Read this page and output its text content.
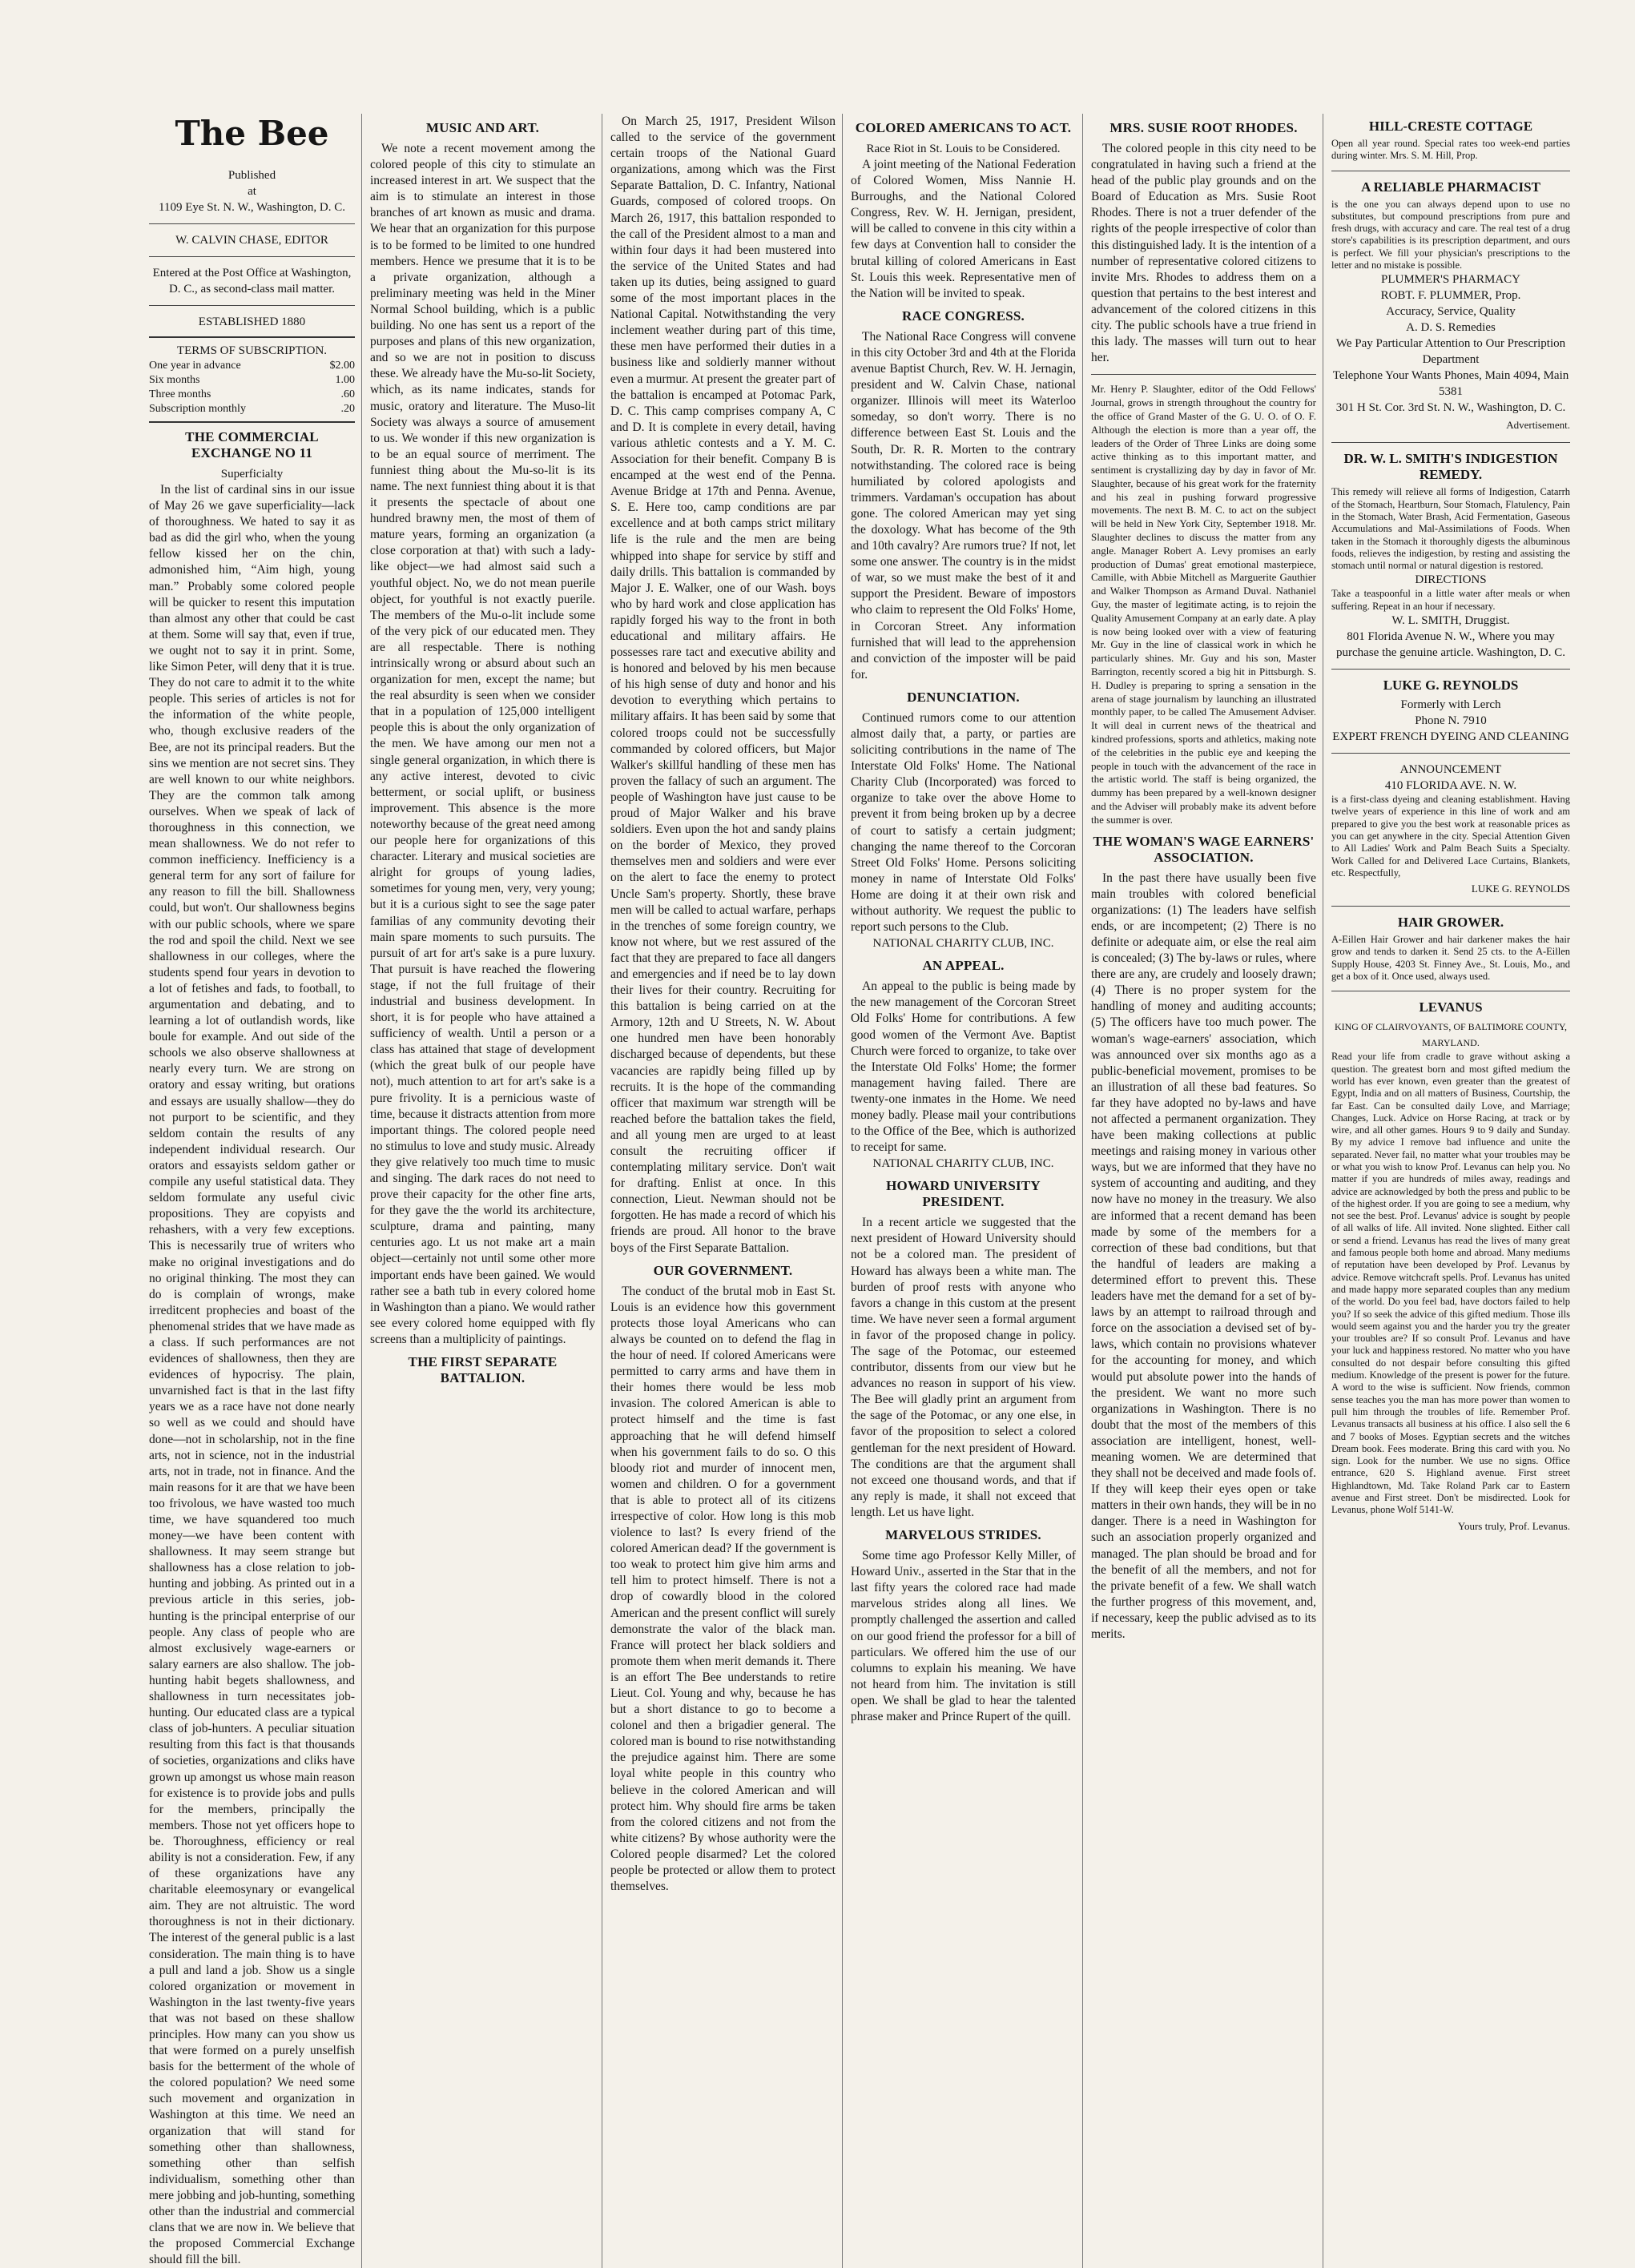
The Bee

Published

at

1109 Eye St. N. W., Washington, D. C.

W. CALVIN CHASE, EDITOR

Entered at the Post Office at Washington, D. C., as second-class mail matter.

ESTABLISHED 1880

TERMS OF SUBSCRIPTION.

One year in advance	$2.00
Six months	1.00
Three months	.60
Subscription monthly	.20
THE COMMERCIAL EXCHANGE NO 11

Superficialty

In the list of cardinal sins in our issue of May 26 we gave superficiality—lack of thoroughness. We hated to say it as bad as did the girl who, when the young fellow kissed her on the chin, admonished him, “Aim high, young man.” Probably some colored people will be quicker to resent this imputation than almost any other that could be cast at them. Some will say that, even if true, we ought not to say it in print. Some, like Simon Peter, will deny that it is true. They do not care to admit it to the white people. This series of articles is not for the information of the white people, who, though exclusive readers of the Bee, are not its principal readers. But the sins we mention are not secret sins. They are well known to our white neighbors. They are the common talk among ourselves. When we speak of lack of thoroughness in this connection, we mean shallowness. We do not refer to common inefficiency. Inefficiency is a general term for any sort of failure for any reason to fill the bill. Shallowness could, but won't. Our shallowness begins with our public schools, where we spare the rod and spoil the child. Next we see shallowness in our colleges, where the students spend four years in devotion to a lot of fetishes and fads, to football, to argumentation and debating, and to learning a lot of outlandish words, like boule for example. And out side of the schools we also observe shallowness at nearly every turn. We are strong on oratory and essay writing, but orations and essays are usually shallow—they do not purport to be scientific, and they seldom contain the results of any independent individual research. Our orators and essayists seldom gather or compile any useful statistical data. They seldom formulate any useful civic propositions. They are copyists and rehashers, with a very few exceptions. This is necessarily true of writers who make no original investigations and do no original thinking. The most they can do is complain of wrongs, make irreditcent prophecies and boast of the phenomenal strides that we have made as a class. If such performances are not evidences of shallowness, then they are evidences of hypocrisy. The plain, unvarnished fact is that in the last fifty years we as a race have not done nearly so well as we could and should have done—not in scholarship, not in the fine arts, not in science, not in the industrial arts, not in trade, not in finance. And the main reasons for it are that we have been too frivolous, we have wasted too much time, we have squandered too much money—we have been content with shallowness. It may seem strange but shallowness has a close relation to job-hunting and jobbing. As printed out in a previous article in this series, job-hunting is the principal enterprise of our people. Any class of people who are almost exclusively wage-earners or salary earners are also shallow. The job-hunting habit begets shallowness, and shallowness in turn necessitates job-hunting. Our educated class are a typical class of job-hunters. A peculiar situation resulting from this fact is that thousands of societies, organizations and cliks have grown up amongst us whose main reason for existence is to provide jobs and pulls for the members, principally the members. Those not yet officers hope to be. Thoroughness, efficiency or real ability is not a consideration. Few, if any of these organizations have any charitable eleemosynary or evangelical aim. They are not altruistic. The word thoroughness is not in their dictionary. The interest of the general public is a last consideration. The main thing is to have a pull and land a job. Show us a single colored organization or movement in Washington in the last twenty-five years that was not based on these shallow principles. How many can you show us that were formed on a purely unselfish basis for the betterment of the whole of the colored population? We need some such movement and organization in Washington at this time. We need an organization that will stand for something other than shallowness, something other than selfish individualism, something other than mere jobbing and job-hunting, something other than the industrial and commercial clans that we are now in. We believe that the proposed Commercial Exchange should fill the bill.

MUSIC AND ART.

We note a recent movement among the colored people of this city to stimulate an increased interest in art. We suspect that the aim is to stimulate an interest in those branches of art known as music and drama. We hear that an organization for this purpose is to be formed to be limited to one hundred members. Hence we presume that it is to be a private organization, although a preliminary meeting was held in the Miner Normal School building, which is a public building. No one has sent us a report of the purposes and plans of this new organization, and so we are not in position to discuss these. We already have the Mu-so-lit Society, which, as its name indicates, stands for music, oratory and literature. The Muso-lit Society was always a source of amusement to us. We wonder if this new organization is to be an equal source of merriment. The funniest thing about the Mu-so-lit is its name. The next funniest thing about it is that it presents the spectacle of about one hundred brawny men, the most of them of mature years, forming an organization (a close corporation at that) with such a lady-like object—we had almost said such a youthful object. No, we do not mean puerile object, for youthful is not exactly puerile. The members of the Mu-o-lit include some of the very pick of our educated men. They are all respectable. There is nothing intrinsically wrong or absurd about such an organization for men, except the name; but the real absurdity is seen when we consider that in a population of 125,000 intelligent people this is about the only organization of the men. We have among our men not a single general organization, in which there is any active interest, devoted to civic betterment, or social uplift, or business improvement. This absence is the more noteworthy because of the great need among our people here for organizations of this character. Literary and musical societies are alright for groups of young ladies, sometimes for young men, very, very young; but it is a curious sight to see the sage pater familias of any community devoting their main spare moments to such pursuits. The pursuit of art for art's sake is a pure luxury. That pursuit is have reached the flowering stage, if not the full fruitage of their industrial and business development. In short, it is for people who have attained a sufficiency of wealth. Until a person or a class has attained that stage of development (which the great bulk of our people have not), much attention to art for art's sake is a pure frivolity. It is a pernicious waste of time, because it distracts attention from more important things. The colored people need no stimulus to love and study music. Already they give relatively too much time to music and singing. The dark races do not need to prove their capacity for the other fine arts, for they gave the the world its architecture, sculpture, drama and painting, many centuries ago. Lt us not make art a main object—certainly not until some other more important ends have been gained. We would rather see a bath tub in every colored home in Washington than a piano. We would rather see every colored home equipped with fly screens than a multiplicity of paintings.

THE FIRST SEPARATE BATTALION.

On March 25, 1917, President Wilson called to the service of the government certain troops of the National Guard organizations, among which was the First Separate Battalion, D. C. Infantry, National Guards, composed of colored troops. On March 26, 1917, this battalion responded to the call of the President almost to a man and within four days it had been mustered into the service of the United States and had taken up its duties, being assigned to guard some of the most important places in the National Capital. Notwithstanding the very inclement weather during part of this time, these men have performed their duties in a business like and soldierly manner without even a murmur. At present the greater part of the battalion is encamped at Potomac Park, D. C. This camp comprises company A, C and D. It is complete in every detail, having various athletic contests and a Y. M. C. Association for their benefit. Company B is encamped at the west end of the Penna. Avenue Bridge at 17th and Penna. Avenue, S. E. Here too, camp conditions are par excellence and at both camps strict military life is the rule and the men are being whipped into shape for service by stiff and daily drills. This battalion is commanded by Major J. E. Walker, one of our Wash. boys who by hard work and close application has rapidly forged his way to the front in both educational and military affairs. He possesses rare tact and executive ability and is honored and beloved by his men because of his high sense of duty and honor and his devotion to everything which pertains to military affairs. It has been said by some that colored troops could not be successfully commanded by colored officers, but Major Walker's skillful handling of these men has proven the fallacy of such an argument. The people of Washington have just cause to be proud of Major Walker and his brave soldiers. Even upon the hot and sandy plains on the border of Mexico, they proved themselves men and soldiers and were ever on the alert to face the enemy to protect Uncle Sam's property. Shortly, these brave men will be called to actual warfare, perhaps in the trenches of some foreign country, we know not where, but we rest assured of the fact that they are prepared to face all dangers and emergencies and if need be to lay down their lives for their country. Recruiting for this battalion is being carried on at the Armory, 12th and U Streets, N. W. About one hundred men have been honorably discharged because of dependents, but these vacancies are rapidly being filled up by recruits. It is the hope of the commanding officer that maximum war strength will be reached before the battalion takes the field, and all young men are urged to at least consult the recruiting officer if contemplating military service. Don't wait for drafting. Enlist at once. In this connection, Lieut. Newman should not be forgotten. He has made a record of which his friends are proud. All honor to the brave boys of the First Separate Battalion.

OUR GOVERNMENT.

The conduct of the brutal mob in East St. Louis is an evidence how this government protects those loyal Americans who can always be counted on to defend the flag in the hour of need. If colored Americans were permitted to carry arms and have them in their homes there would be less mob invasion. The colored American is able to protect himself and the time is fast approaching that he will defend himself when his government fails to do so. O this bloody riot and murder of innocent men, women and children. O for a government that is able to protect all of its citizens irrespective of color. How long is this mob violence to last? Is every friend of the colored American dead? If the government is too weak to protect him give him arms and tell him to protect himself. There is not a drop of cowardly blood in the colored American and the present conflict will surely demonstrate the valor of the black man. France will protect her black soldiers and promote them when merit demands it. There is an effort The Bee understands to retire Lieut. Col. Young and why, because he has but a short distance to go to become a colonel and then a brigadier general. The colored man is bound to rise notwithstanding the prejudice against him. There are some loyal white people in this country who believe in the colored American and will protect him. Why should fire arms be taken from the colored citizens and not from the white citizens? By whose authority were the Colored people disarmed? Let the colored people be protected or allow them to protect themselves.

COLORED AMERICANS TO ACT.

Race Riot in St. Louis to be Considered.

A joint meeting of the National Federation of Colored Women, Miss Nannie H. Burroughs, and the National Colored Congress, Rev. W. H. Jernigan, president, will be called to convene in this city within a few days at Convention hall to consider the brutal killing of colored Americans in East St. Louis this week. Representative men of the Nation will be invited to speak.

RACE CONGRESS.

The National Race Congress will convene in this city October 3rd and 4th at the Florida avenue Baptist Church, Rev. W. H. Jernagin, president and W. Calvin Chase, national organizer. Illinois will meet its Waterloo someday, so don't worry. There is no difference between East St. Louis and the South, Dr. R. R. Morten to the contrary notwithstanding. The colored race is being humiliated by colored apologists and trimmers. Vardaman's occupation has about gone. The colored American may yet sing the doxology. What has become of the 9th and 10th cavalry? Are rumors true? If not, let some one answer. The country is in the midst of war, so we must make the best of it and support the President. Beware of impostors who claim to represent the Old Folks' Home, in Corcoran Street. Any information furnished that will lead to the apprehension and conviction of the imposter will be paid for.

DENUNCIATION.

Continued rumors come to our attention almost daily that, a party, or parties are soliciting contributions in the name of The Interstate Old Folks' Home. The National Charity Club (Incorporated) was forced to organize to take over the above Home to prevent it from being broken up by a decree of court to satisfy a certain judgment; changing the name thereof to the Corcoran Street Old Folks' Home. Persons soliciting money in name of Interstate Old Folks' Home are doing it at their own risk and without authority. We request the public to report such persons to the Club.

NATIONAL CHARITY CLUB, INC.

AN APPEAL.

An appeal to the public is being made by the new management of the Corcoran Street Old Folks' Home for contributions. A few good women of the Vermont Ave. Baptist Church were forced to organize, to take over the Interstate Old Folks' Home; the former management having failed. There are twenty-one inmates in the Home. We need money badly. Please mail your contributions to the Office of the Bee, which is authorized to receipt for same.

NATIONAL CHARITY CLUB, INC.

HOWARD UNIVERSITY PRESIDENT.

In a recent article we suggested that the next president of Howard University should not be a colored man. The president of Howard has always been a white man. The burden of proof rests with anyone who favors a change in this custom at the present time. We have never seen a formal argument in favor of the proposed change in policy. The sage of the Potomac, our esteemed contributor, dissents from our view but he advances no reason in support of his view. The Bee will gladly print an argument from the sage of the Potomac, or any one else, in favor of the proposition to select a colored gentleman for the next president of Howard. The conditions are that the argument shall not exceed one thousand words, and that if any reply is made, it shall not exceed that length. Let us have light.

MARVELOUS STRIDES.

Some time ago Professor Kelly Miller, of Howard Univ., asserted in the Star that in the last fifty years the colored race had made marvelous strides along all lines. We promptly challenged the assertion and called on our good friend the professor for a bill of particulars. We offered him the use of our columns to explain his meaning. We have not heard from him. The invitation is still open. We shall be glad to hear the talented phrase maker and Prince Rupert of the quill.

MRS. SUSIE ROOT RHODES.

The colored people in this city need to be congratulated in having such a friend at the head of the public play grounds and on the Board of Education as Mrs. Susie Root Rhodes. There is not a truer defender of the rights of the people irrespective of color than this distinguished lady. It is the intention of a number of representative colored citizens to invite Mrs. Rhodes to address them on a question that pertains to the best interest and advancement of the colored citizens in this city. The public schools have a true friend in this lady. The masses will turn out to hear her.

Mr. Henry P. Slaughter, editor of the Odd Fellows' Journal, grows in strength throughout the country for the office of Grand Master of the G. U. O. of O. F. Although the election is more than a year off, the leaders of the Order of Three Links are doing some active thinking as to this important matter, and sentiment is crystallizing day by day in favor of Mr. Slaughter, because of his great work for the fraternity and his zeal in pushing forward progressive movements. The next B. M. C. to act on the subject will be held in New York City, September 1918. Mr. Slaughter declines to discuss the matter from any angle. Manager Robert A. Levy promises an early production of Dumas' great emotional masterpiece, Camille, with Abbie Mitchell as Marguerite Gauthier and Walker Thompson as Armand Duval. Nathaniel Guy, the master of legitimate acting, is to rejoin the Quality Amusement Company at an early date. A play is now being looked over with a view of featuring Mr. Guy in the line of classical work in which he particularly shines. Mr. Guy and his son, Master Barrington, recently scored a big hit in Pittsburgh. S. H. Dudley is preparing to spring a sensation in the arena of stage journalism by launching an illustrated monthly paper, to be called The Amusement Adviser. It will deal in current news of the theatrical and kindred professions, sports and athletics, making note of the celebrities in the public eye and keeping the people in touch with the advancement of the race in the artistic world. The staff is being organized, the dummy has been prepared by a well-known designer and the Adviser will probably make its advent before the summer is over.

THE WOMAN'S WAGE EARNERS' ASSOCIATION.

In the past there have usually been five main troubles with colored beneficial organizations: (1) The leaders have selfish ends, or are incompetent; (2) There is no definite or adequate aim, or else the real aim is concealed; (3) The by-laws or rules, where there are any, are crudely and loosely drawn; (4) There is no proper system for the handling of money and auditing accounts; (5) The officers have too much power. The woman's wage-earners' association, which was announced over six months ago as a public-beneficial movement, promises to be an illustration of all these bad features. So far they have adopted no by-laws and have not affected a permanent organization. They have been making collections at public meetings and raising money in various other ways, but we are informed that they have no system of accounting and auditing, and they now have no money in the treasury. We also are informed that a recent demand has been made by some of the members for a correction of these bad conditions, but that the handful of leaders are making a determined effort to prevent this. These leaders have met the demand for a set of by-laws by an attempt to railroad through and force on the association a devised set of by-laws, which contain no provisions whatever for the accounting for money, and which would put absolute power into the hands of the president. We want no more such organizations in Washington. There is no doubt that the most of the members of this association are intelligent, honest, well-meaning women. We are determined that they shall not be deceived and made fools of. If they will keep their eyes open or take matters in their own hands, they will be in no danger. There is a need in Washington for such an association properly organized and managed. The plan should be broad and for the benefit of all the members, and not for the private benefit of a few. We shall watch the further progress of this movement, and, if necessary, keep the public advised as to its merits.

HILL-CRESTE COTTAGE

Open all year round. Special rates too week-end parties during winter. Mrs. S. M. Hill, Prop.

A RELIABLE PHARMACIST

is the one you can always depend upon to use no substitutes, but compound prescriptions from pure and fresh drugs, with accuracy and care. The real test of a drug store's capabilities is its prescription department, and ours is perfect. We fill your physician's prescriptions to the letter and no mistake is possible.

PLUMMER'S PHARMACY

ROBT. F. PLUMMER, Prop.

Accuracy, Service, Quality

A. D. S. Remedies

We Pay Particular Attention to Our Prescription Department

Telephone Your Wants Phones, Main 4094, Main 5381

301 H St. Cor. 3rd St. N. W., Washington, D. C.

Advertisement.

DR. W. L. SMITH'S INDIGESTION REMEDY.

This remedy will relieve all forms of Indigestion, Catarrh of the Stomach, Heartburn, Sour Stomach, Flatulency, Pain in the Stomach, Water Brash, Acid Fermentation, Gaseous Accumulations and Mal-Assimilations of Foods. When taken in the Stomach it thoroughly digests the albuminous foods, relieves the indigestion, by resting and assisting the stomach until normal or natural digestion is restored.

DIRECTIONS

Take a teaspoonful in a little water after meals or when suffering. Repeat in an hour if necessary.

W. L. SMITH, Druggist.

801 Florida Avenue N. W., Where you may purchase the genuine article. Washington, D. C.

LUKE G. REYNOLDS

Formerly with Lerch

Phone N. 7910

EXPERT FRENCH DYEING AND CLEANING

ANNOUNCEMENT

410 FLORIDA AVE. N. W.

is a first-class dyeing and cleaning establishment. Having twelve years of experience in this line of work and am prepared to give you the best work at reasonable prices as you can get anywhere in the city. Special Attention Given to All Ladies' Work and Palm Beach Suits a Specialty. Work Called for and Delivered Lace Curtains, Blankets, etc. Respectfully,

LUKE G. REYNOLDS

HAIR GROWER.

A-Eillen Hair Grower and hair darkener makes the hair grow and tends to darken it. Send 25 cts. to the A-Eillen Supply House, 4203 St. Finney Ave., St. Louis, Mo., and get a box of it. Once used, always used.

LEVANUS

KING OF CLAIRVOYANTS, OF BALTIMORE COUNTY, MARYLAND.

Read your life from cradle to grave without asking a question. The greatest born and most gifted medium the world has ever known, even greater than the greatest of Egypt, India and on all matters of Business, Courtship, the far East. Can be consulted daily Love, and Marriage; Changes, Luck. Advice on Horse Racing, at track or by wire, and all other games. Hours 9 to 9 daily and Sunday. By my advice I remove bad influence and unite the separated. Never fail, no matter what your troubles may be or what you wish to know Prof. Levanus can help you. No matter if you are hundreds of miles away, readings and advice are acknowledged by both the press and public to be of the highest order. If you are going to see a medium, why not see the best. Prof. Levanus' advice is sought by people of all walks of life. All invited. None slighted. Either call or send a friend. Levanus has read the lives of many great and famous people both home and abroad. Many mediums of reputation have been developed by Prof. Levanus by advice. Remove witchcraft spells. Prof. Levanus has united and made happy more separated couples than any medium of the world. Do you feel bad, have doctors failed to help you? If so seek the advice of this gifted medium. Those ills would seem against you and the harder you try the greater your troubles are? If so consult Prof. Levanus and have your luck and happiness restored. No matter who you have consulted do not despair before consulting this gifted medium. Knowledge of the present is power for the future. A word to the wise is sufficient. Now friends, common sense teaches you the man has more power than women to pull him through the troubles of life. Remember Prof. Levanus transacts all business at his office. I also sell the 6 and 7 books of Moses. Egyptian secrets and the witches Dream book. Fees moderate. Bring this card with you. No sign. Look for the number. We use no signs. Office entrance, 620 S. Highland avenue. First street Highlandtown, Md. Take Roland Park car to Eastern avenue and First street. Don't be misdirected. Look for Levanus, phone Wolf 5141-W.

Yours truly, Prof. Levanus.
